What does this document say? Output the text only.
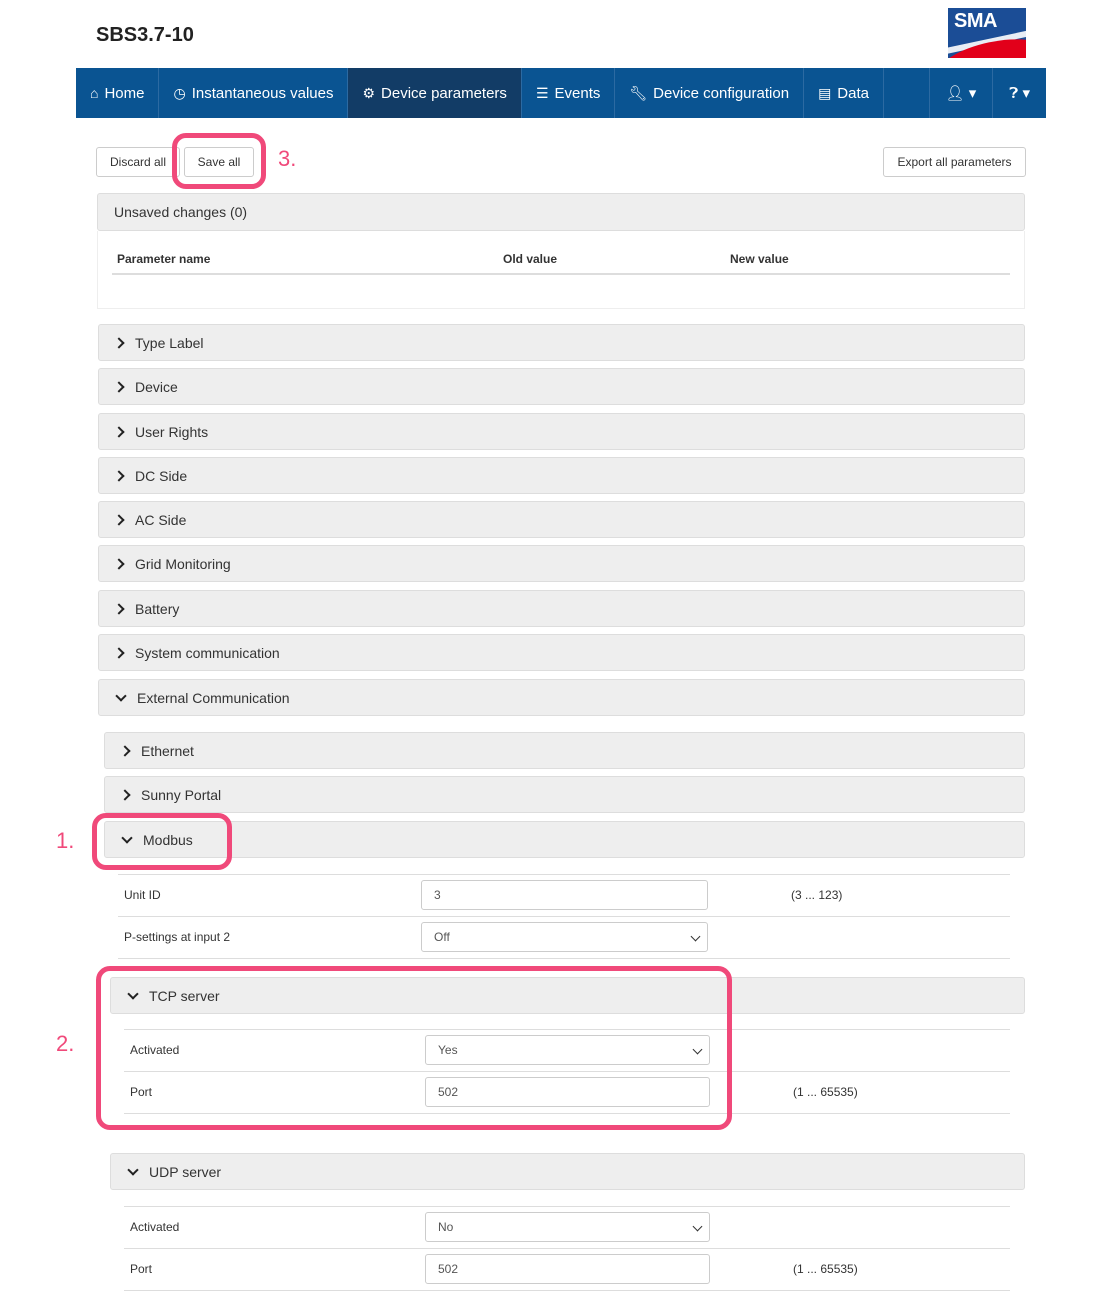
SBS3.7-10
SMA
⌂ Home ◷ Instantaneous values ⚙ Device parameters ☰ Events 🔧︎ Device configuration ▤ Data	👤︎ ▾ ❓︎ ▾
Discard all	Save all	Export all parameters
Unsaved changes (0)
Parameter name	Old value	New value
Type Label
Device
User Rights
DC Side
AC Side
Grid Monitoring
Battery
System communication
External Communication
Ethernet
Sunny Portal
Modbus
Unit ID	3	(3 ... 123)
P-settings at input 2	Off
TCP server
Activated	Yes
Port	502	(1 ... 65535)
UDP server
Activated	No
Port	502	(1 ... 65535)
3.
1.
2.
